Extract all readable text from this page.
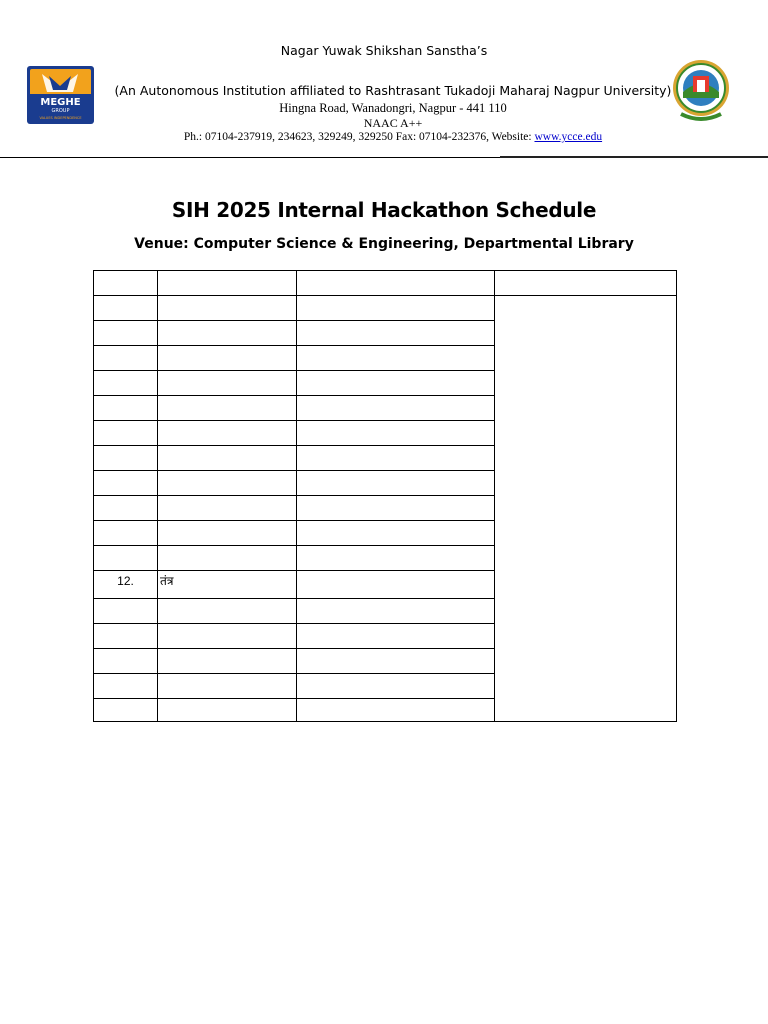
MEGHE
GROUP
VALUES INDEPENDENCE
Nagar Yuwak Shikshan Sanstha’s
(An Autonomous Institution affiliated to Rashtrasant Tukadoji Maharaj Nagpur University)
Hingna Road, Wanadongri, Nagpur - 441 110
NAAC A++
Ph.: 07104-237919, 234623, 329249, 329250 Fax: 07104-232376, Website: www.ycce.edu
SIH 2025 Internal Hackathon Schedule
Venue: Computer Science & Engineering, Departmental Library

12.	तंत्र		
